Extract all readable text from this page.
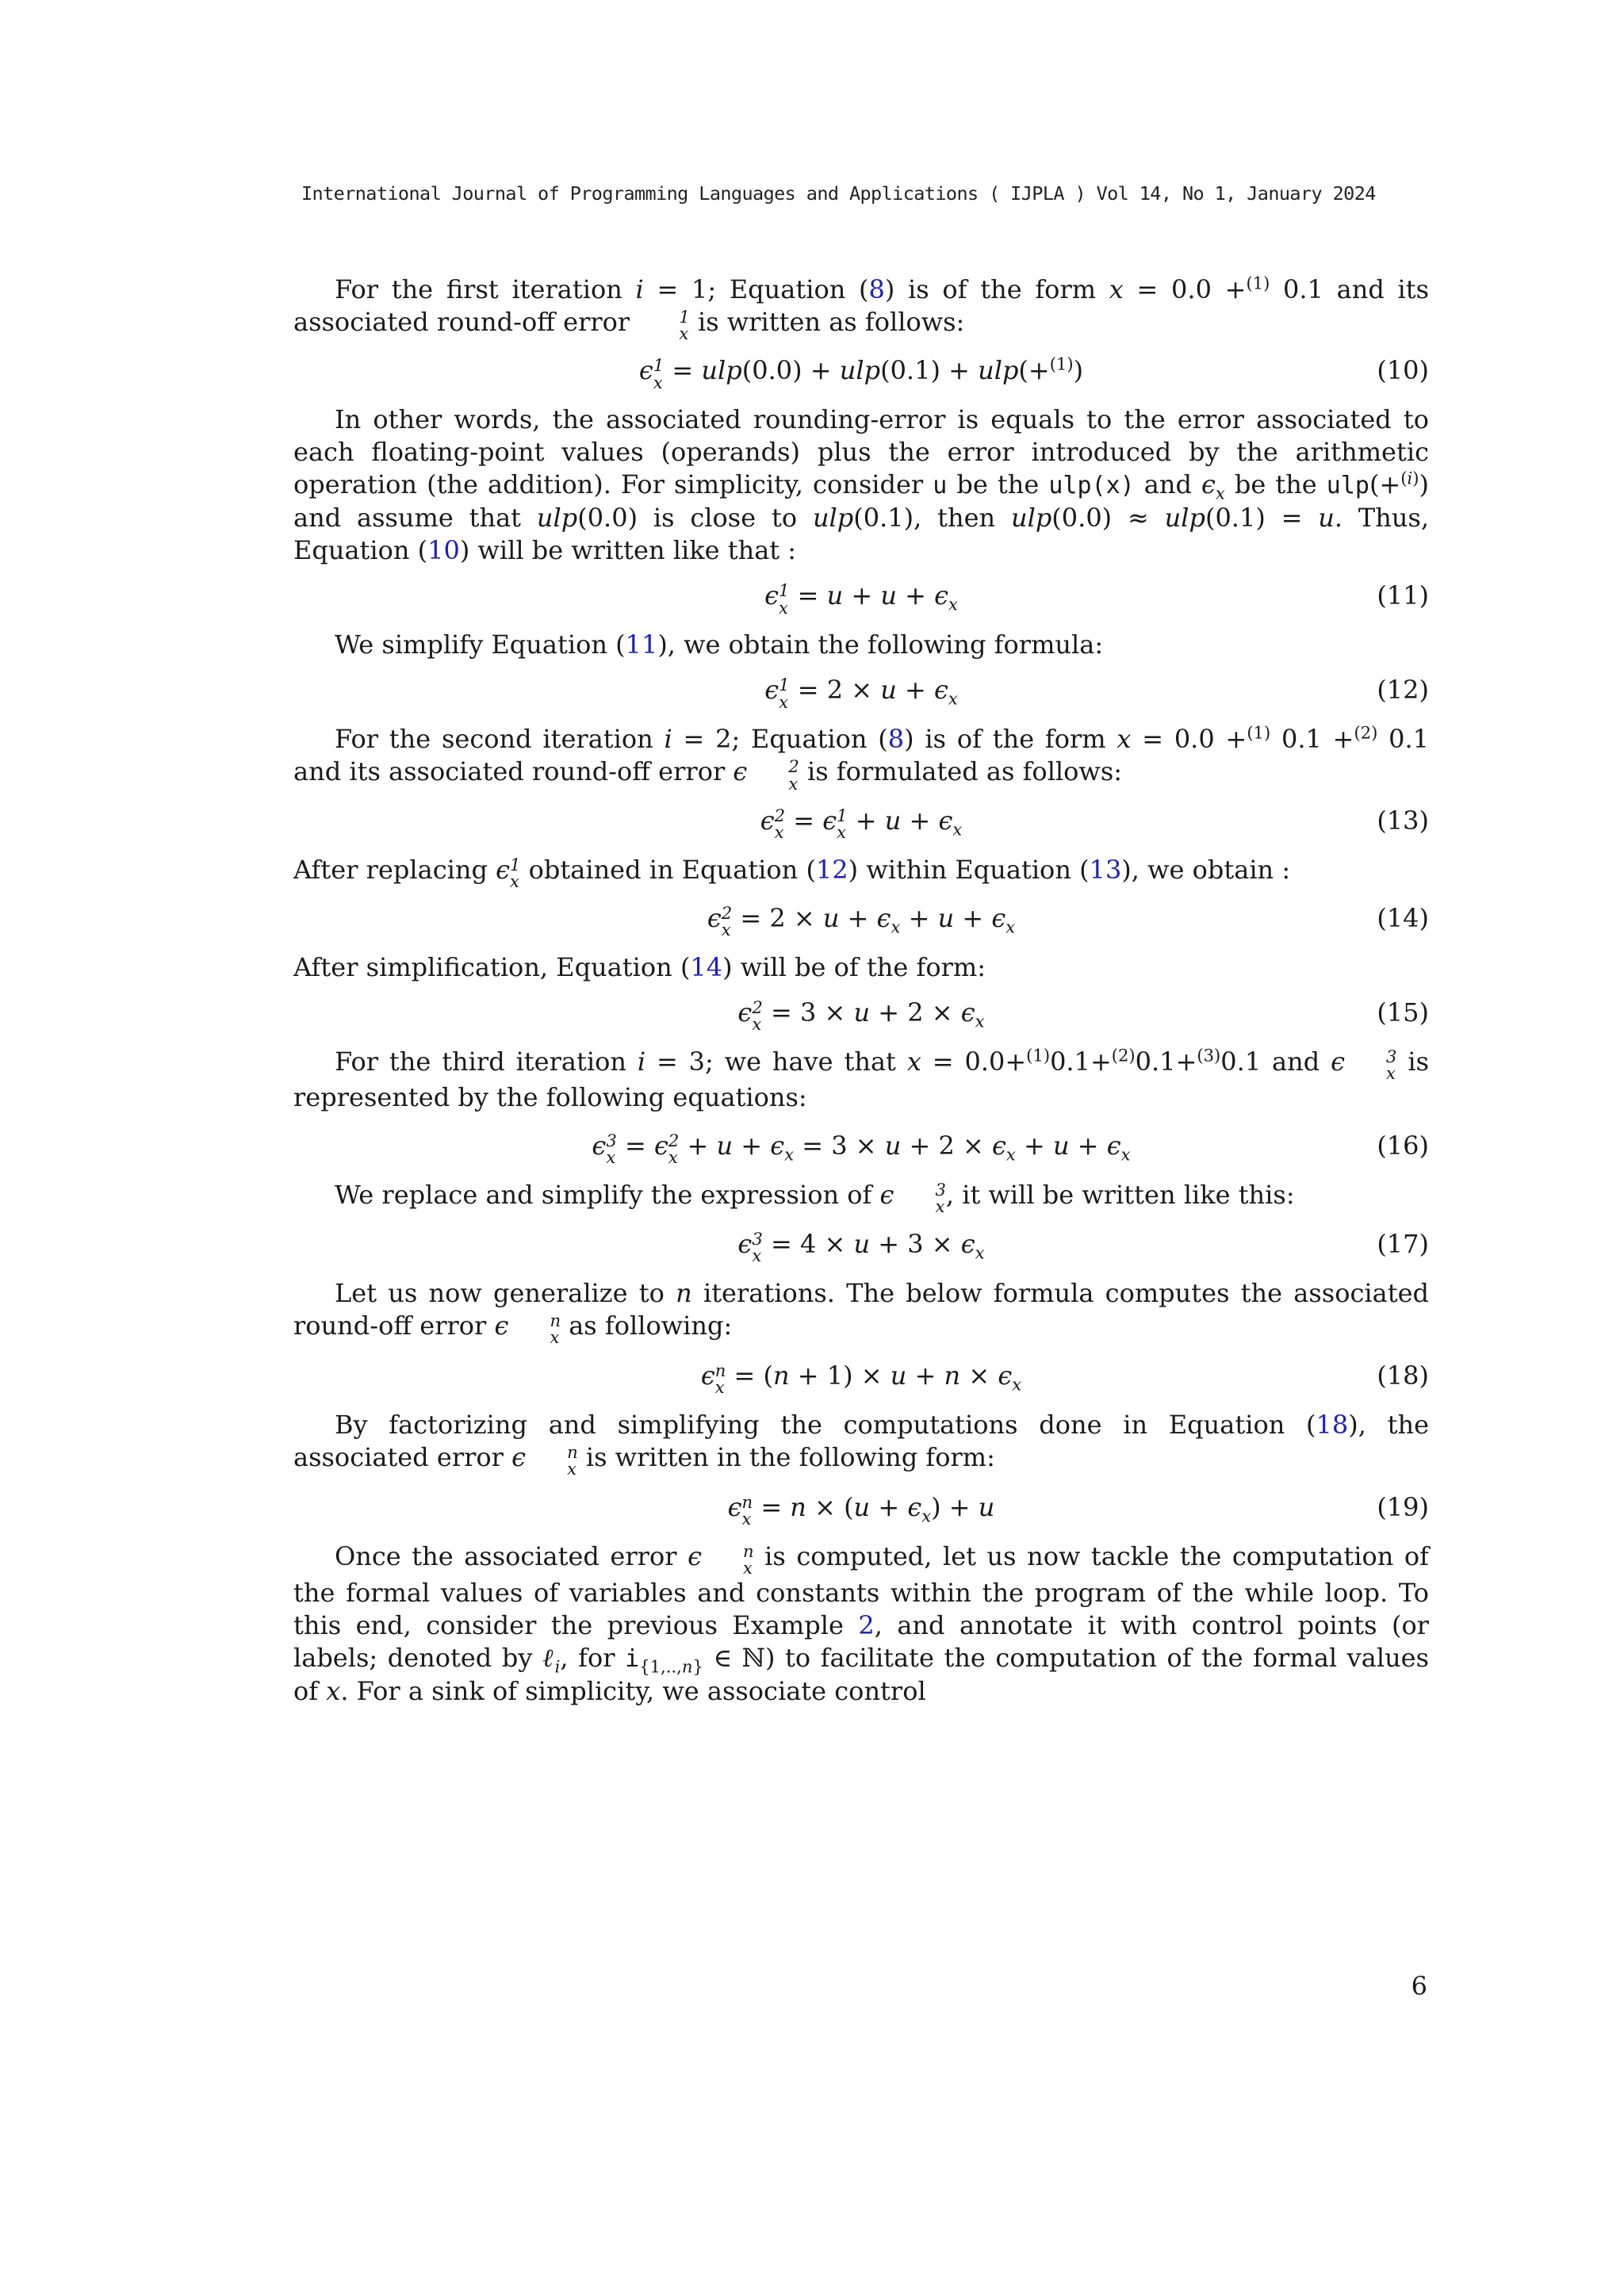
International Journal of Programming Languages and Applications ( IJPLA ) Vol 14, No 1, January 2024

For the first iteration i = 1; Equation (8) is of the form x = 0.0 +$^{(1)}$ 0.1 and its associated round-off error	1
x is written as follows:

ϵ 1
x = ulp(0.0) + ulp(0.1) + ulp(+$^{(1)}$)	(10)

In other words, the associated rounding-error is equals to the error associated to each floating-point values (operands) plus the error introduced by the arithmetic operation (the addition). For simplicity, consider u be the ulp(x) and $\epsilon_x$ be the ulp(+$^{(i)}$) and assume that ulp(0.0) is close to ulp(0.1), then ulp(0.0) ≈ ulp(0.1) = u. Thus, Equation (10) will be written like that :

ϵ 1
$x = u + u + \epsilon_x$	(11)

We simplify Equation (11), we obtain the following formula:

ϵ 1
$x = 2 \times u + \epsilon_x$	(12)

For the second iteration i = 2; Equation (8) is of the form x = 0.0 +$^{(1)}$ 0.1 +$^{(2)}$ 0.1 and its associated round-off error ϵ	2
x is formulated as follows:

ϵ 2
x = ϵ 1
$x + u + \epsilon_x$	(13)

After replacing ϵ 1
x obtained in Equation (12) within Equation (13), we obtain :

ϵ 2
$x = 2 \times u + \epsilon_x + u + \epsilon_x$	(14)

After simplification, Equation (14) will be of the form:

ϵ 2
$x = 3 \times u + 2 \times \epsilon_x$	(15)

For the third iteration i = 3; we have that x = 0.0+$^{(1)}$0.1+$^{(2)}$0.1+$^{(3)}$0.1 and ϵ	3
x is represented by the following equations:

ϵ 3
x = ϵ 2
$x + u + \epsilon_x = 3 \times u + 2 \times \epsilon_x + u + \epsilon_x$	(16)

We replace and simplify the expression of ϵ	3
x , it will be written like this:

ϵ 3
$x = 4 \times u + 3 \times \epsilon_x$	(17)

Let us now generalize to n iterations. The below formula computes the associated round-off error ϵ	n
x as following:

ϵ n
$x = (n + 1) \times u + n \times \epsilon_x$	(18)

By factorizing and simplifying the computations done in Equation (18), the associated error ϵ	n
x is written in the following form:

ϵ n
$x = n \times (u + \epsilon_x) + u$	(19)

Once the associated error ϵ	n
x is computed, let us now tackle the computation of the formal values of variables and constants within the program of the while loop. To this end, consider the previous Example 2, and annotate it with control points (or labels; denoted by ℓ$_i$, for $i_{\{1,..,n\}}$ ∈ ℕ) to facilitate the computation of the formal values of x. For a sink of simplicity, we associate control

6
